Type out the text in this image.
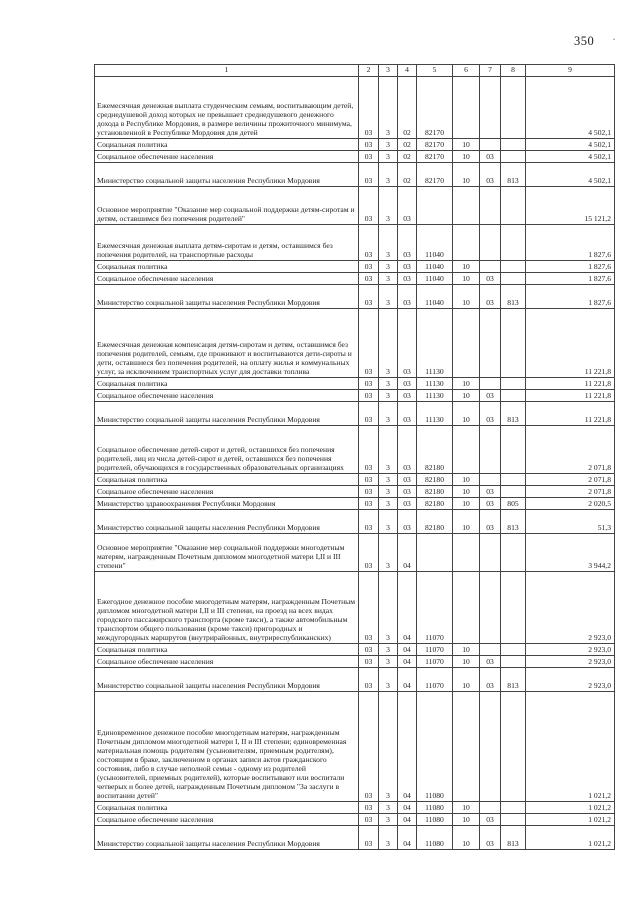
350 ·
1	2	3	4	5	6	7	8	9
Ежемесячная денежная выплата студенческим семьям, воспитывающим детей, среднедушевой доход которых не превышает среднедушевого денежного дохода в Республике Мордовия, в размере величины прожиточного минимума, установленной в Республике Мордовия для детей	03	3	02	82170				4 502,1
Социальная политика	03	3	02	82170	10			4 502,1
Социальное обеспечение населения	03	3	02	82170	10	03		4 502,1
Министерство социальной защиты населения Республики Мордовия	03	3	02	82170	10	03	813	4 502,1
Основное мероприятие "Оказание мер социальной поддержки детям-сиротам и детям, оставшимся без попечения родителей"	03	3	03					15 121,2
Ежемесячная денежная выплата детям-сиротам и детям, оставшимся без попечения родителей, на транспортные расходы	03	3	03	11040				1 827,6
Социальная политика	03	3	03	11040	10			1 827,6
Социальное обеспечение населения	03	3	03	11040	10	03		1 827,6
Министерство социальной защиты населения Республики Мордовия	03	3	03	11040	10	03	813	1 827,6
Ежемесячная денежная компенсация детям-сиротам и детям, оставшимся без попечения родителей, семьям, где проживают и воспитываются дети-сироты и дети, оставшиеся без попечения родителей, на оплату жилья и коммунальных услуг, за исключением транспортных услуг для доставки топлива	03	3	03	11130				11 221,8
Социальная политика	03	3	03	11130	10			11 221,8
Социальное обеспечение населения	03	3	03	11130	10	03		11 221,8
Министерство социальной защиты населения Республики Мордовия	03	3	03	11130	10	03	813	11 221,8
Социальное обеспечение детей-сирот и детей, оставшихся без попечения родителей, лиц из числа детей-сирот и детей, оставшихся без попечения родителей, обучающихся в государственных образовательных организациях	03	3	03	82180				2 071,8
Социальная политика	03	3	03	82180	10			2 071,8
Социальное обеспечение населения	03	3	03	82180	10	03		2 071,8
Министерство здравоохранения Республики Мордовия	03	3	03	82180	10	03	805	2 020,5
Министерство социальной защиты населения Республики Мордовия	03	3	03	82180	10	03	813	51,3
Основное мероприятие "Оказание мер социальной поддержки многодетным матерям, награжденным Почетным дипломом многодетной матери I,II и III степени"	03	3	04					3 944,2
Ежегодное денежное пособие многодетным матерям, награжденным Почетным дипломом многодетной матери I,II и III степени, на проезд на всех видах городского пассажирского транспорта (кроме такси), а также автомобильным транспортом общего пользования (кроме такси) пригородных и междугородных маршрутов (внутрирайонных, внутриреспубликанских)	03	3	04	11070				2 923,0
Социальная политика	03	3	04	11070	10			2 923,0
Социальное обеспечение населения	03	3	04	11070	10	03		2 923,0
Министерство социальной защиты населения Республики Мордовия	03	3	04	11070	10	03	813	2 923,0
Единовременное денежное пособие многодетным матерям, награжденным Почетным дипломом многодетной матери I, II и III степени; единовременная материальная помощь родителям (усыновителям, приемным родителям), состоящим в браке, заключенном в органах записи актов гражданского состояния, либо в случае неполной семьи - одному из родителей (усыновителей, приемных родителей), которые воспитывают или воспитали четверых и более детей, награжденным Почетным дипломом "За заслуги в воспитании детей"	03	3	04	11080				1 021,2
Социальная политика	03	3	04	11080	10			1 021,2
Социальное обеспечение населения	03	3	04	11080	10	03		1 021,2
Министерство социальной защиты населения Республики Мордовия	03	3	04	11080	10	03	813	1 021,2
